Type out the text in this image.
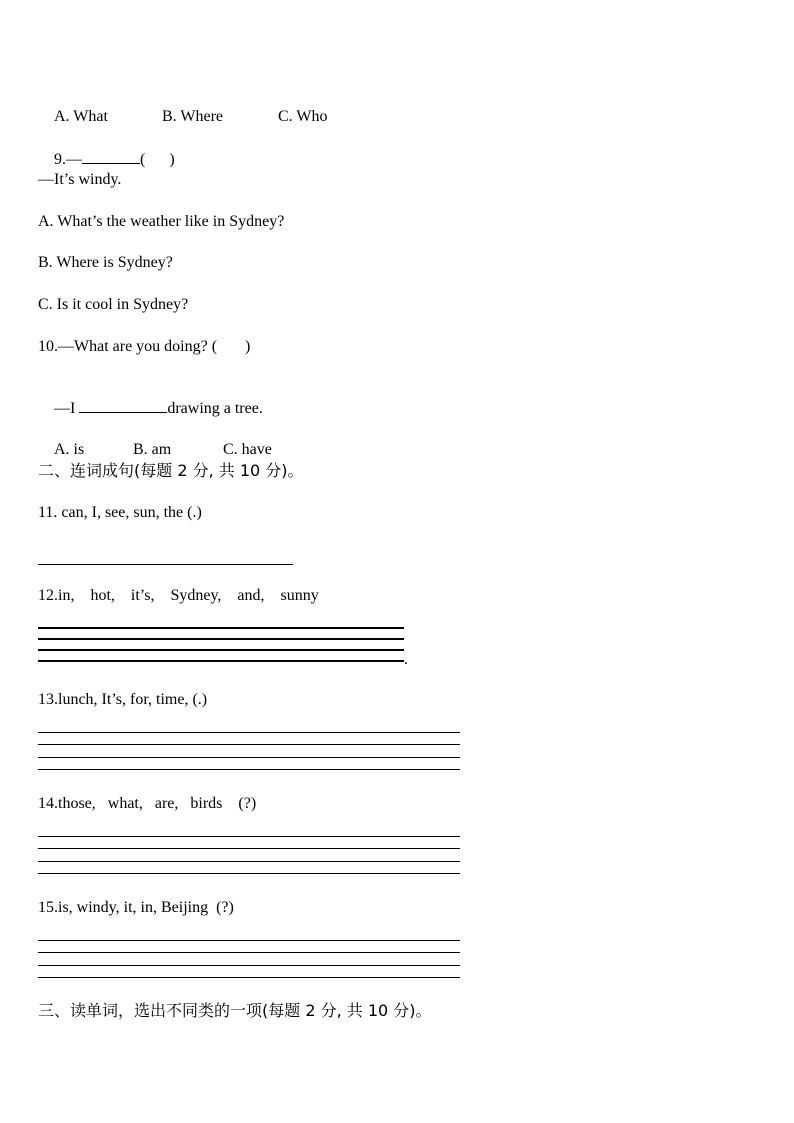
A. What	B. Where	C. Who

9.—	(      )

—It’s windy.
A. What’s the weather like in Sydney?
B. Where is Sydney?
C. Is it cool in Sydney?
10.—What are you doing? (       )

—I	drawing a tree.

A. is	B. am	C. have

二、连词成句(每题 2 分, 共 10 分)。
11. can, I, see, sun, the (.)
12.in,    hot,    it’s,    Sydney,    and,    sunny
.
13.lunch, It’s, for, time, (.)
14.those,   what,   are,   birds    (?)
15.is, windy, it, in, Beijing  (?)
三、读单词，选出不同类的一项(每题 2 分, 共 10 分)。
